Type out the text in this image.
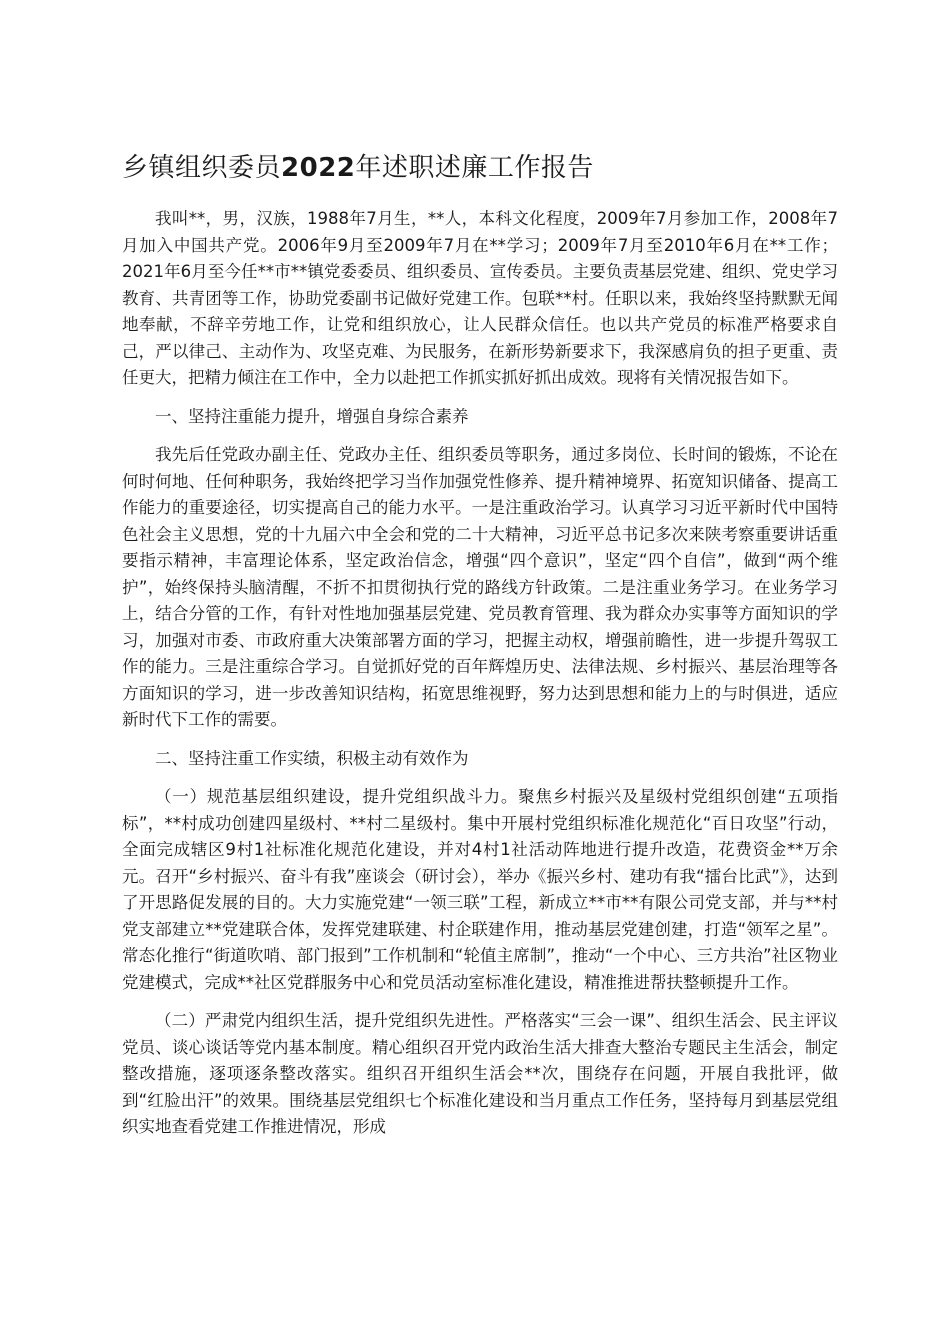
乡镇组织委员2022年述职述廉工作报告

我叫**，男，汉族，1988年7月生，**人，本科文化程度，2009年7月参加工作，2008年7月加入中国共产党。2006年9月至2009年7月在**学习；2009年7月至2010年6月在**工作；2021年6月至今任**市**镇党委委员、组织委员、宣传委员。主要负责基层党建、组织、党史学习教育、共青团等工作，协助党委副书记做好党建工作。包联**村。任职以来，我始终坚持默默无闻地奉献，不辞辛劳地工作，让党和组织放心，让人民群众信任。也以共产党员的标准严格要求自己，严以律己、主动作为、攻坚克难、为民服务，在新形势新要求下，我深感肩负的担子更重、责任更大，把精力倾注在工作中，全力以赴把工作抓实抓好抓出成效。现将有关情况报告如下。

一、坚持注重能力提升，增强自身综合素养

我先后任党政办副主任、党政办主任、组织委员等职务，通过多岗位、长时间的锻炼，不论在何时何地、任何种职务，我始终把学习当作加强党性修养、提升精神境界、拓宽知识储备、提高工作能力的重要途径，切实提高自己的能力水平。一是注重政治学习。认真学习习近平新时代中国特色社会主义思想，党的十九届六中全会和党的二十大精神，习近平总书记多次来陕考察重要讲话重要指示精神，丰富理论体系，坚定政治信念，增强“四个意识”，坚定“四个自信”，做到“两个维护”，始终保持头脑清醒，不折不扣贯彻执行党的路线方针政策。二是注重业务学习。在业务学习上，结合分管的工作，有针对性地加强基层党建、党员教育管理、我为群众办实事等方面知识的学习，加强对市委、市政府重大决策部署方面的学习，把握主动权，增强前瞻性，进一步提升驾驭工作的能力。三是注重综合学习。自觉抓好党的百年辉煌历史、法律法规、乡村振兴、基层治理等各方面知识的学习，进一步改善知识结构，拓宽思维视野，努力达到思想和能力上的与时俱进，适应新时代下工作的需要。

二、坚持注重工作实绩，积极主动有效作为

（一）规范基层组织建设，提升党组织战斗力。聚焦乡村振兴及星级村党组织创建“五项指标”，**村成功创建四星级村、**村二星级村。集中开展村党组织标准化规范化“百日攻坚”行动，全面完成辖区9村1社标准化规范化建设，并对4村1社活动阵地进行提升改造，花费资金**万余元。召开“乡村振兴、奋斗有我”座谈会（研讨会），举办《振兴乡村、建功有我“擂台比武”》，达到了开思路促发展的目的。大力实施党建“一领三联”工程，新成立**市**有限公司党支部，并与**村党支部建立**党建联合体，发挥党建联建、村企联建作用，推动基层党建创建，打造“领军之星”。常态化推行“街道吹哨、部门报到”工作机制和“轮值主席制”，推动“一个中心、三方共治”社区物业党建模式，完成**社区党群服务中心和党员活动室标准化建设，精准推进帮扶整顿提升工作。

（二）严肃党内组织生活，提升党组织先进性。严格落实“三会一课”、组织生活会、民主评议党员、谈心谈话等党内基本制度。精心组织召开党内政治生活大排查大整治专题民主生活会，制定整改措施，逐项逐条整改落实。组织召开组织生活会**次，围绕存在问题，开展自我批评，做到“红脸出汗”的效果。围绕基层党组织七个标准化建设和当月重点工作任务，坚持每月到基层党组织实地查看党建工作推进情况，形成
